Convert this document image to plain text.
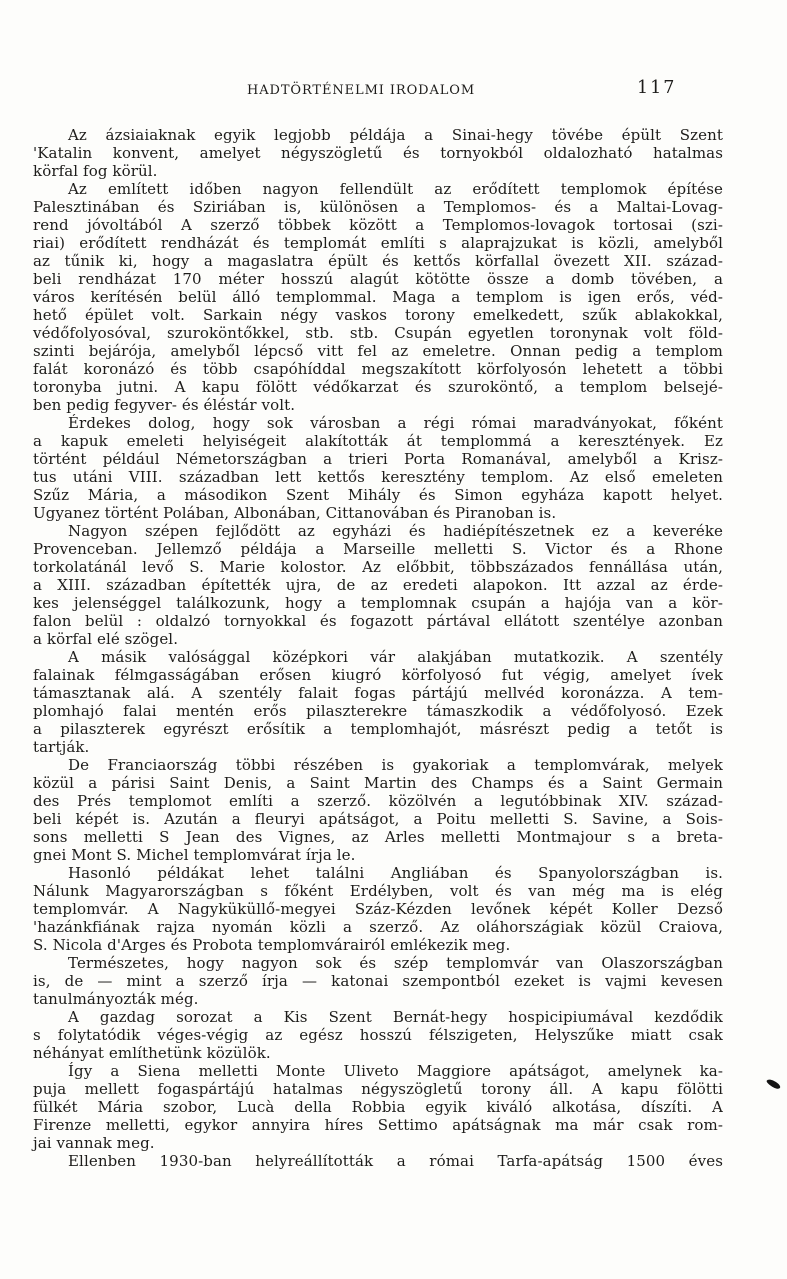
HADTÖRTÉNELMI IRODALOM	117
Az ázsiaiaknak egyik legjobb példája a Sinai-hegy tövébe épült Szent
'Katalin konvent, amelyet négyszögletű és tornyokból oldalozható hatalmas
körfal fog körül.
Az említett időben nagyon fellendült az erődített templomok építése
Palesztinában és Sziriában is, különösen a Templomos- és a Maltai-Lovag-
rend jóvoltából A szerző többek között a Templomos-lovagok tortosai (szi-
riai) erődített rendházát és templomát említi s alaprajzukat is közli, amelyből
az tűnik ki, hogy a magaslatra épült és kettős körfallal övezett XII. század-
beli rendházat 170 méter hosszú alagút kötötte össze a domb tövében, a
város kerítésén belül álló templommal. Maga a templom is igen erős, véd-
hető épület volt. Sarkain négy vaskos torony emelkedett, szűk ablakokkal,
védőfolyosóval, szuroköntőkkel, stb. stb. Csupán egyetlen toronynak volt föld-
szinti bejárója, amelyből lépcső vitt fel az emeletre. Onnan pedig a templom
falát koronázó és több csapóhíddal megszakított körfolyosón lehetett a többi
toronyba jutni. A kapu fölött védőkarzat és szuroköntő, a templom belsejé-
ben pedig fegyver- és éléstár volt.
Érdekes dolog, hogy sok városban a régi római maradványokat, főként
a kapuk emeleti helyiségeit alakították át templommá a keresztények. Ez
történt például Németországban a trieri Porta Romanával, amelyből a Krisz-
tus utáni VIII. században lett kettős keresztény templom. Az első emeleten
Szűz Mária, a másodikon Szent Mihály és Simon egyháza kapott helyet.
Ugyanez történt Polában, Albonában, Cittanovában és Piranoban is.
Nagyon szépen fejlődött az egyházi és hadiépítészetnek ez a keveréke
Provenceban. Jellemző példája a Marseille melletti S. Victor és a Rhone
torkolatánál levő S. Marie kolostor. Az előbbit, többszázados fennállása után,
a XIII. században építették ujra, de az eredeti alapokon. Itt azzal az érde-
kes jelenséggel találkozunk, hogy a templomnak csupán a hajója van a kör-
falon belül : oldalzó tornyokkal és fogazott pártával ellátott szentélye azonban
a körfal elé szögel.
A másik valósággal középkori vár alakjában mutatkozik. A szentély
falainak félmgasságában erősen kiugró körfolyosó fut végig, amelyet ívek
támasztanak alá. A szentély falait fogas pártájú mellvéd koronázza. A tem-
plomhajó falai mentén erős pilaszterekre támaszkodik a védőfolyosó. Ezek
a pilaszterek egyrészt erősítik a templomhajót, másrészt pedig a tetőt is
tartják.
De Franciaország többi részében is gyakoriak a templomvárak, melyek
közül a párisi Saint Denis, a Saint Martin des Champs és a Saint Germain
des Prés templomot említi a szerző. közölvén a legutóbbinak XIV. század-
beli képét is. Azután a fleuryi apátságot, a Poitu melletti S. Savine, a Sois-
sons melletti S Jean des Vignes, az Arles melletti Montmajour s a breta-
gnei Mont S. Michel templomvárat írja le.
Hasonló példákat lehet találni Angliában és Spanyolországban is.
Nálunk Magyarországban s főként Erdélyben, volt és van még ma is elég
templomvár. A Nagyküküllő-megyei Száz-Kézden levőnek képét Koller Dezső
'hazánkfiának rajza nyomán közli a szerző. Az oláhországiak közül Craiova,
S. Nicola d'Arges és Probota templomvárairól emlékezik meg.
Természetes, hogy nagyon sok és szép templomvár van Olaszországban
is, de — mint a szerző írja — katonai szempontból ezeket is vajmi kevesen
tanulmányozták még.
A gazdag sorozat a Kis Szent Bernát-hegy hospicipiumával kezdődik
s folytatódik véges-végig az egész hosszú félszigeten, Helyszűke miatt csak
néhányat említhetünk közülök.
Így a Siena melletti Monte Uliveto Maggiore apátságot, amelynek ka-
puja mellett fogaspártájú hatalmas négyszögletű torony áll. A kapu fölötti
fülkét Mária szobor, Lucà della Robbia egyik kiváló alkotása, díszíti. A
Firenze melletti, egykor annyira híres Settimo apátságnak ma már csak rom-
jai vannak meg.
Ellenben 1930-ban helyreállították a római Tarfa-apátság 1500 éves
